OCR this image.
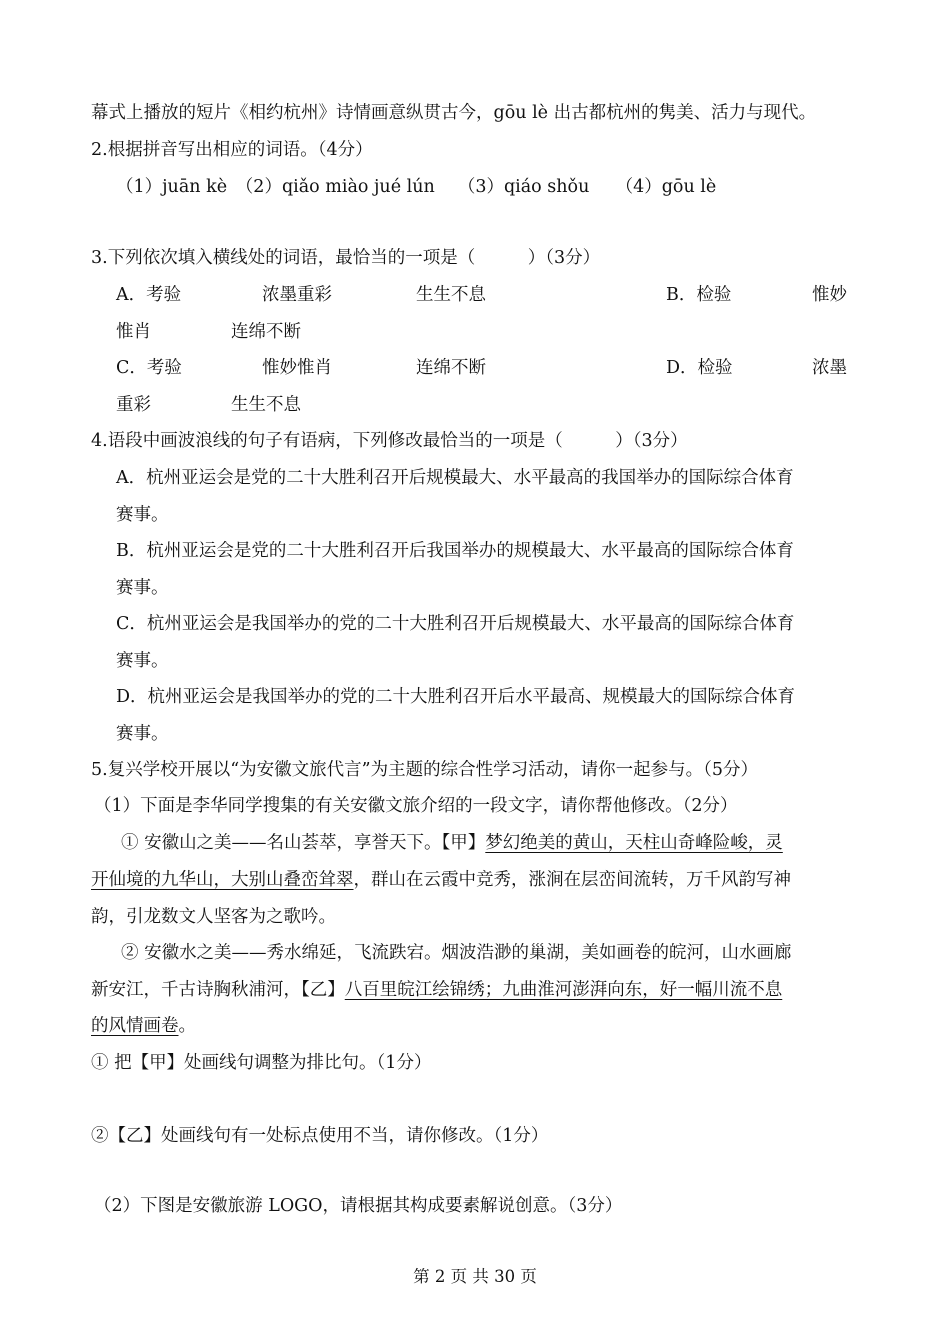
幕式上播放的短片《相约杭州》诗情画意纵贯古今，gōu lè 出古都杭州的隽美、活力与现代。
2.根据拼音写出相应的词语。（4分）
（1）juān kè　（2）qiǎo miào jué lún　 （3）qiáo shǒu　　（4）gōu lè
3.下列依次填入横线处的词语，最恰当的一项是（　　　）（3分）
A．考验	浓墨重彩	生生不息	B．检验	惟妙
惟肖	连绵不断
C．考验	惟妙惟肖	连绵不断	D．检验	浓墨
重彩	生生不息
4.语段中画波浪线的句子有语病，下列修改最恰当的一项是（　　　）（3分）
A．杭州亚运会是党的二十大胜利召开后规模最大、水平最高的我国举办的国际综合体育
赛事。
B．杭州亚运会是党的二十大胜利召开后我国举办的规模最大、水平最高的国际综合体育
赛事。
C．杭州亚运会是我国举办的党的二十大胜利召开后规模最大、水平最高的国际综合体育
赛事。
D．杭州亚运会是我国举办的党的二十大胜利召开后水平最高、规模最大的国际综合体育
赛事。
5.复兴学校开展以“为安徽文旅代言”为主题的综合性学习活动，请你一起参与。（5分）
（1）下面是李华同学搜集的有关安徽文旅介绍的一段文字，请你帮他修改。（2分）
① 安徽山之美——名山荟萃，享誉天下。【甲】梦幻绝美的黄山，天柱山奇峰险峻，灵
开仙境的九华山，大别山叠峦耸翠，群山在云霞中竞秀，涨涧在层峦间流转，万千风韵写神
韵，引龙数文人坚客为之歌吟。
② 安徽水之美——秀水绵延，飞流跌宕。烟波浩渺的巢湖，美如画卷的皖河，山水画廊
新安江，千古诗胸秋浦河，【乙】八百里皖江绘锦绣；九曲淮河澎湃向东，好一幅川流不息
的风情画卷。
① 把【甲】处画线句调整为排比句。（1分）
②【乙】处画线句有一处标点使用不当，请你修改。（1分）
（2）下图是安徽旅游 LOGO，请根据其构成要素解说创意。（3分）
第 2 页 共 30 页
